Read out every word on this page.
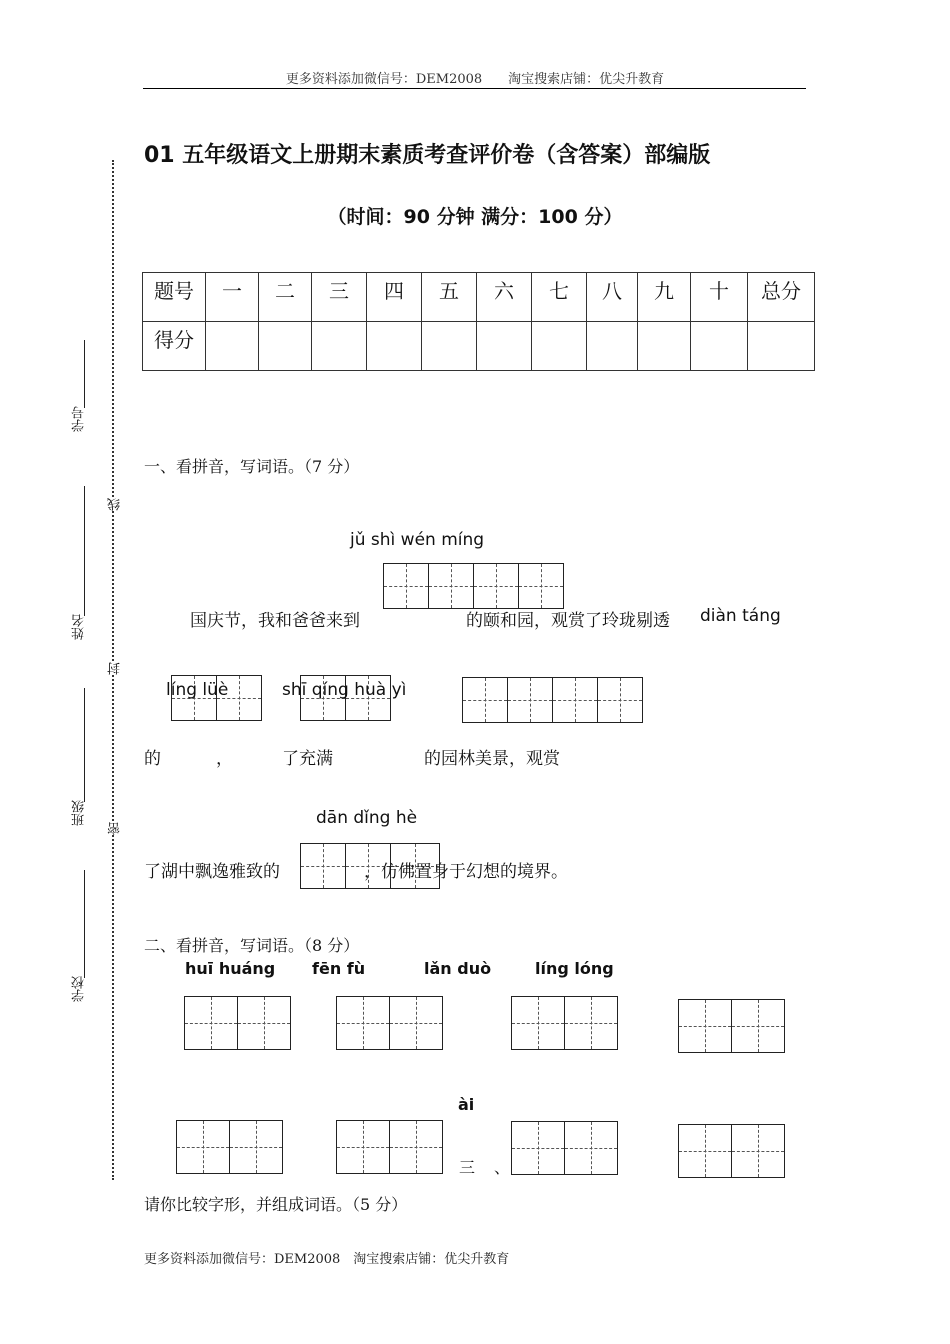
更多资料添加微信号：DEM2008　　淘宝搜索店铺：优尖升教育
01 五年级语文上册期末素质考查评价卷（含答案）部编版
（时间：90 分钟 满分：100 分）
题号	一	二	三	四	五	六	七	八	九	十	总分
得分											
学号
姓名
班级
学校
线
封
密
一、看拼音，写词语。（7 分）
jǔ shì wén míng
国庆节，我和爸爸来到	的颐和园，观赏了玲珑剔透 diàn táng
líng lüè	shī qíng huà yì
的	，	了充满	的园林美景，观赏
dān dǐng hè
了湖中飘逸雅致的	，仿佛置身于幻想的境界。
二、看拼音，写词语。（8 分）
huī huáng fēn fù	lǎn duò	líng lóng
ài
三 、
请你比较字形，并组成词语。（5 分）
更多资料添加微信号：DEM2008　淘宝搜索店铺：优尖升教育
